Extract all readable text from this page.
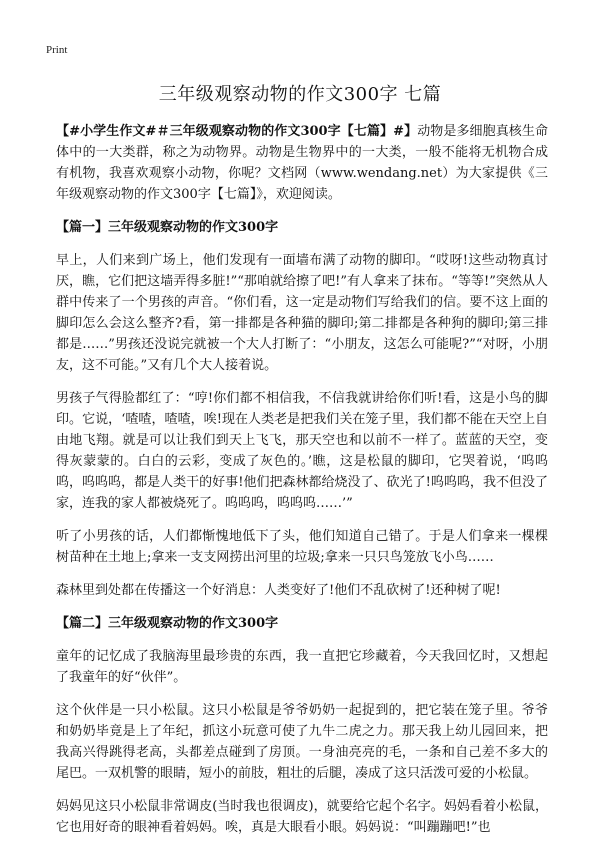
Print
三年级观察动物的作文300字 七篇

【#小学生作文#＃三年级观察动物的作文300字【七篇】#】动物是多细胞真核生命体中的一大类群，称之为动物界。动物是生物界中的一大类，一般不能将无机物合成有机物，我喜欢观察小动物，你呢？文档网（www.wendang.net）为大家提供《三年级观察动物的作文300字【七篇】》，欢迎阅读。

【篇一】三年级观察动物的作文300字

早上，人们来到广场上，他们发现有一面墙布满了动物的脚印。“哎呀!这些动物真讨厌，瞧，它们把这墙弄得多脏!”“那咱就给擦了吧!”有人拿来了抹布。“等等!”突然从人群中传来了一个男孩的声音。“你们看，这一定是动物们写给我们的信。要不这上面的脚印怎么会这么整齐?看，第一排都是各种猫的脚印;第二排都是各种狗的脚印;第三排都是……”男孩还没说完就被一个大人打断了：“小朋友，这怎么可能呢?”“对呀，小朋友，这不可能。”又有几个大人接着说。

男孩子气得脸都红了：“哼!你们都不相信我，不信我就讲给你们听!看，这是小鸟的脚印。它说，‘喳喳，喳喳，唉!现在人类老是把我们关在笼子里，我们都不能在天空上自由地飞翔。就是可以让我们到天上飞飞，那天空也和以前不一样了。蓝蓝的天空，变得灰蒙蒙的。白白的云彩，变成了灰色的。’瞧，这是松鼠的脚印，它哭着说，‘呜呜呜，呜呜呜，都是人类干的好事!他们把森林都给烧没了、砍光了!呜呜呜，我不但没了家，连我的家人都被烧死了。呜呜呜，呜呜呜……’”

听了小男孩的话，人们都惭愧地低下了头，他们知道自己错了。于是人们拿来一棵棵树苗种在土地上;拿来一支支网捞出河里的垃圾;拿来一只只鸟笼放飞小鸟……

森林里到处都在传播这一个好消息：人类变好了!他们不乱砍树了!还种树了呢!

【篇二】三年级观察动物的作文300字

童年的记忆成了我脑海里最珍贵的东西，我一直把它珍藏着，今天我回忆时，又想起了我童年的好“伙伴”。

这个伙伴是一只小松鼠。这只小松鼠是爷爷奶奶一起捉到的，把它装在笼子里。爷爷和奶奶毕竟是上了年纪，抓这小玩意可使了九牛二虎之力。那天我上幼儿园回来，把我高兴得跳得老高，头都差点碰到了房顶。一身油亮亮的毛，一条和自己差不多大的尾巴。一双机警的眼睛，短小的前肢，粗壮的后腿，凑成了这只活泼可爱的小松鼠。

妈妈见这只小松鼠非常调皮(当时我也很调皮)，就要给它起个名字。妈妈看着小松鼠，它也用好奇的眼神看着妈妈。唉，真是大眼看小眼。妈妈说：“叫蹦蹦吧!”也
